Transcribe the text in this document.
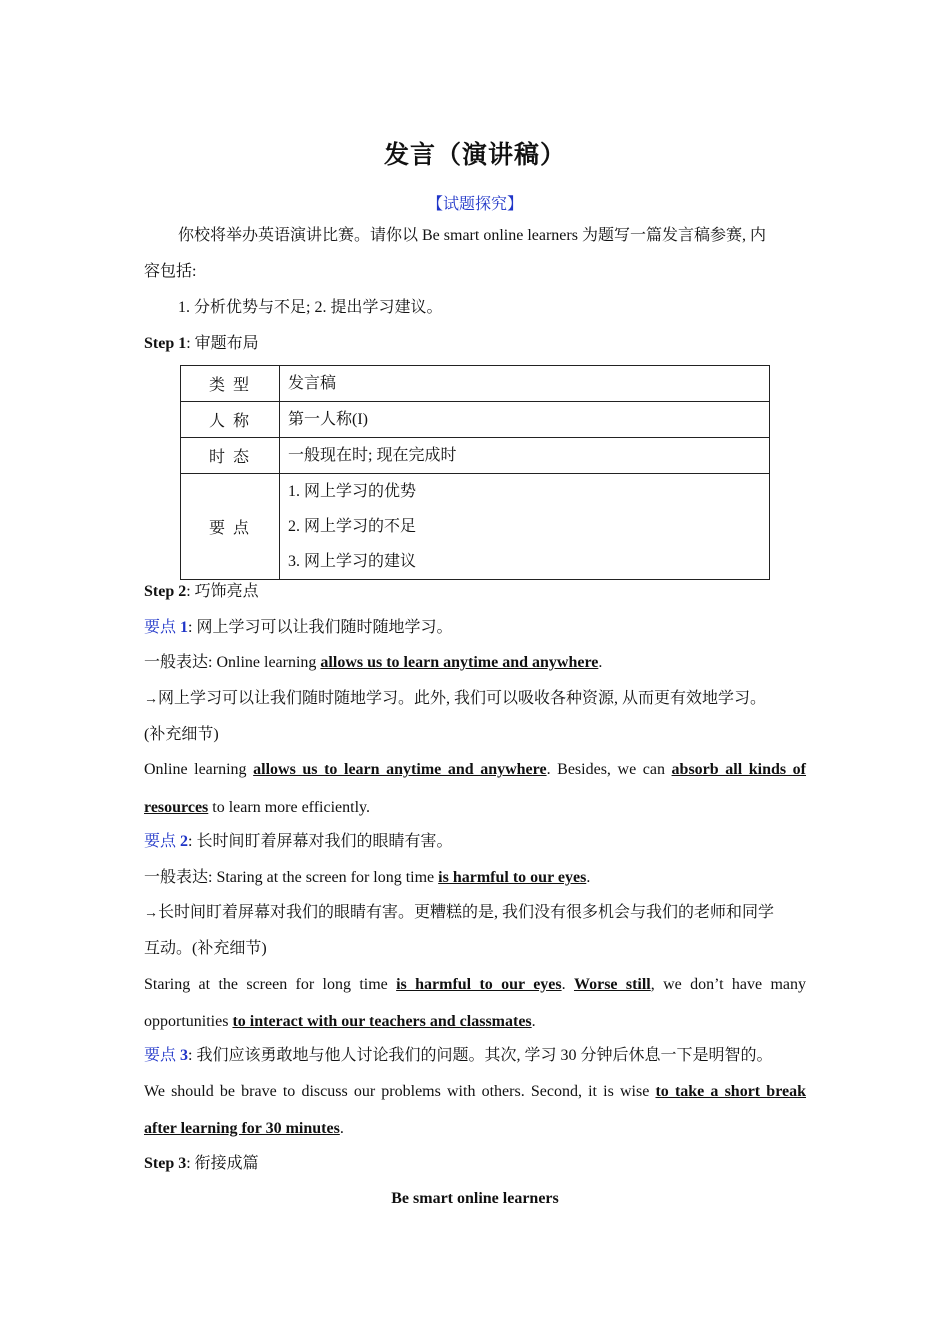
发言（演讲稿）
【试题探究】
你校将举办英语演讲比赛。请你以 Be smart online learners 为题写一篇发言稿参赛, 内
容包括:
1. 分析优势与不足; 2. 提出学习建议。
Step 1: 审题布局
类 型	发言稿
人 称	第一人称(I)
时 态	一般现在时; 现在完成时
要 点	1. 网上学习的优势
2. 网上学习的不足
3. 网上学习的建议
Step 2: 巧饰亮点
要点 1: 网上学习可以让我们随时随地学习。
一般表达: Online learning allows us to learn anytime and anywhere.
→网上学习可以让我们随时随地学习。此外, 我们可以吸收各种资源, 从而更有效地学习。
(补充细节)
Online learning allows us to learn anytime and anywhere. Besides, we can absorb all kinds of
resources to learn more efficiently.
要点 2: 长时间盯着屏幕对我们的眼睛有害。
一般表达: Staring at the screen for long time is harmful to our eyes.
→长时间盯着屏幕对我们的眼睛有害。更糟糕的是, 我们没有很多机会与我们的老师和同学
互动。(补充细节)
Staring at the screen for long time is harmful to our eyes. Worse still, we don’t have many
opportunities to interact with our teachers and classmates.
要点 3: 我们应该勇敢地与他人讨论我们的问题。其次, 学习 30 分钟后休息一下是明智的。
We should be brave to discuss our problems with others. Second, it is wise to take a short break
after learning for 30 minutes.
Step 3: 衔接成篇
Be smart online learners
